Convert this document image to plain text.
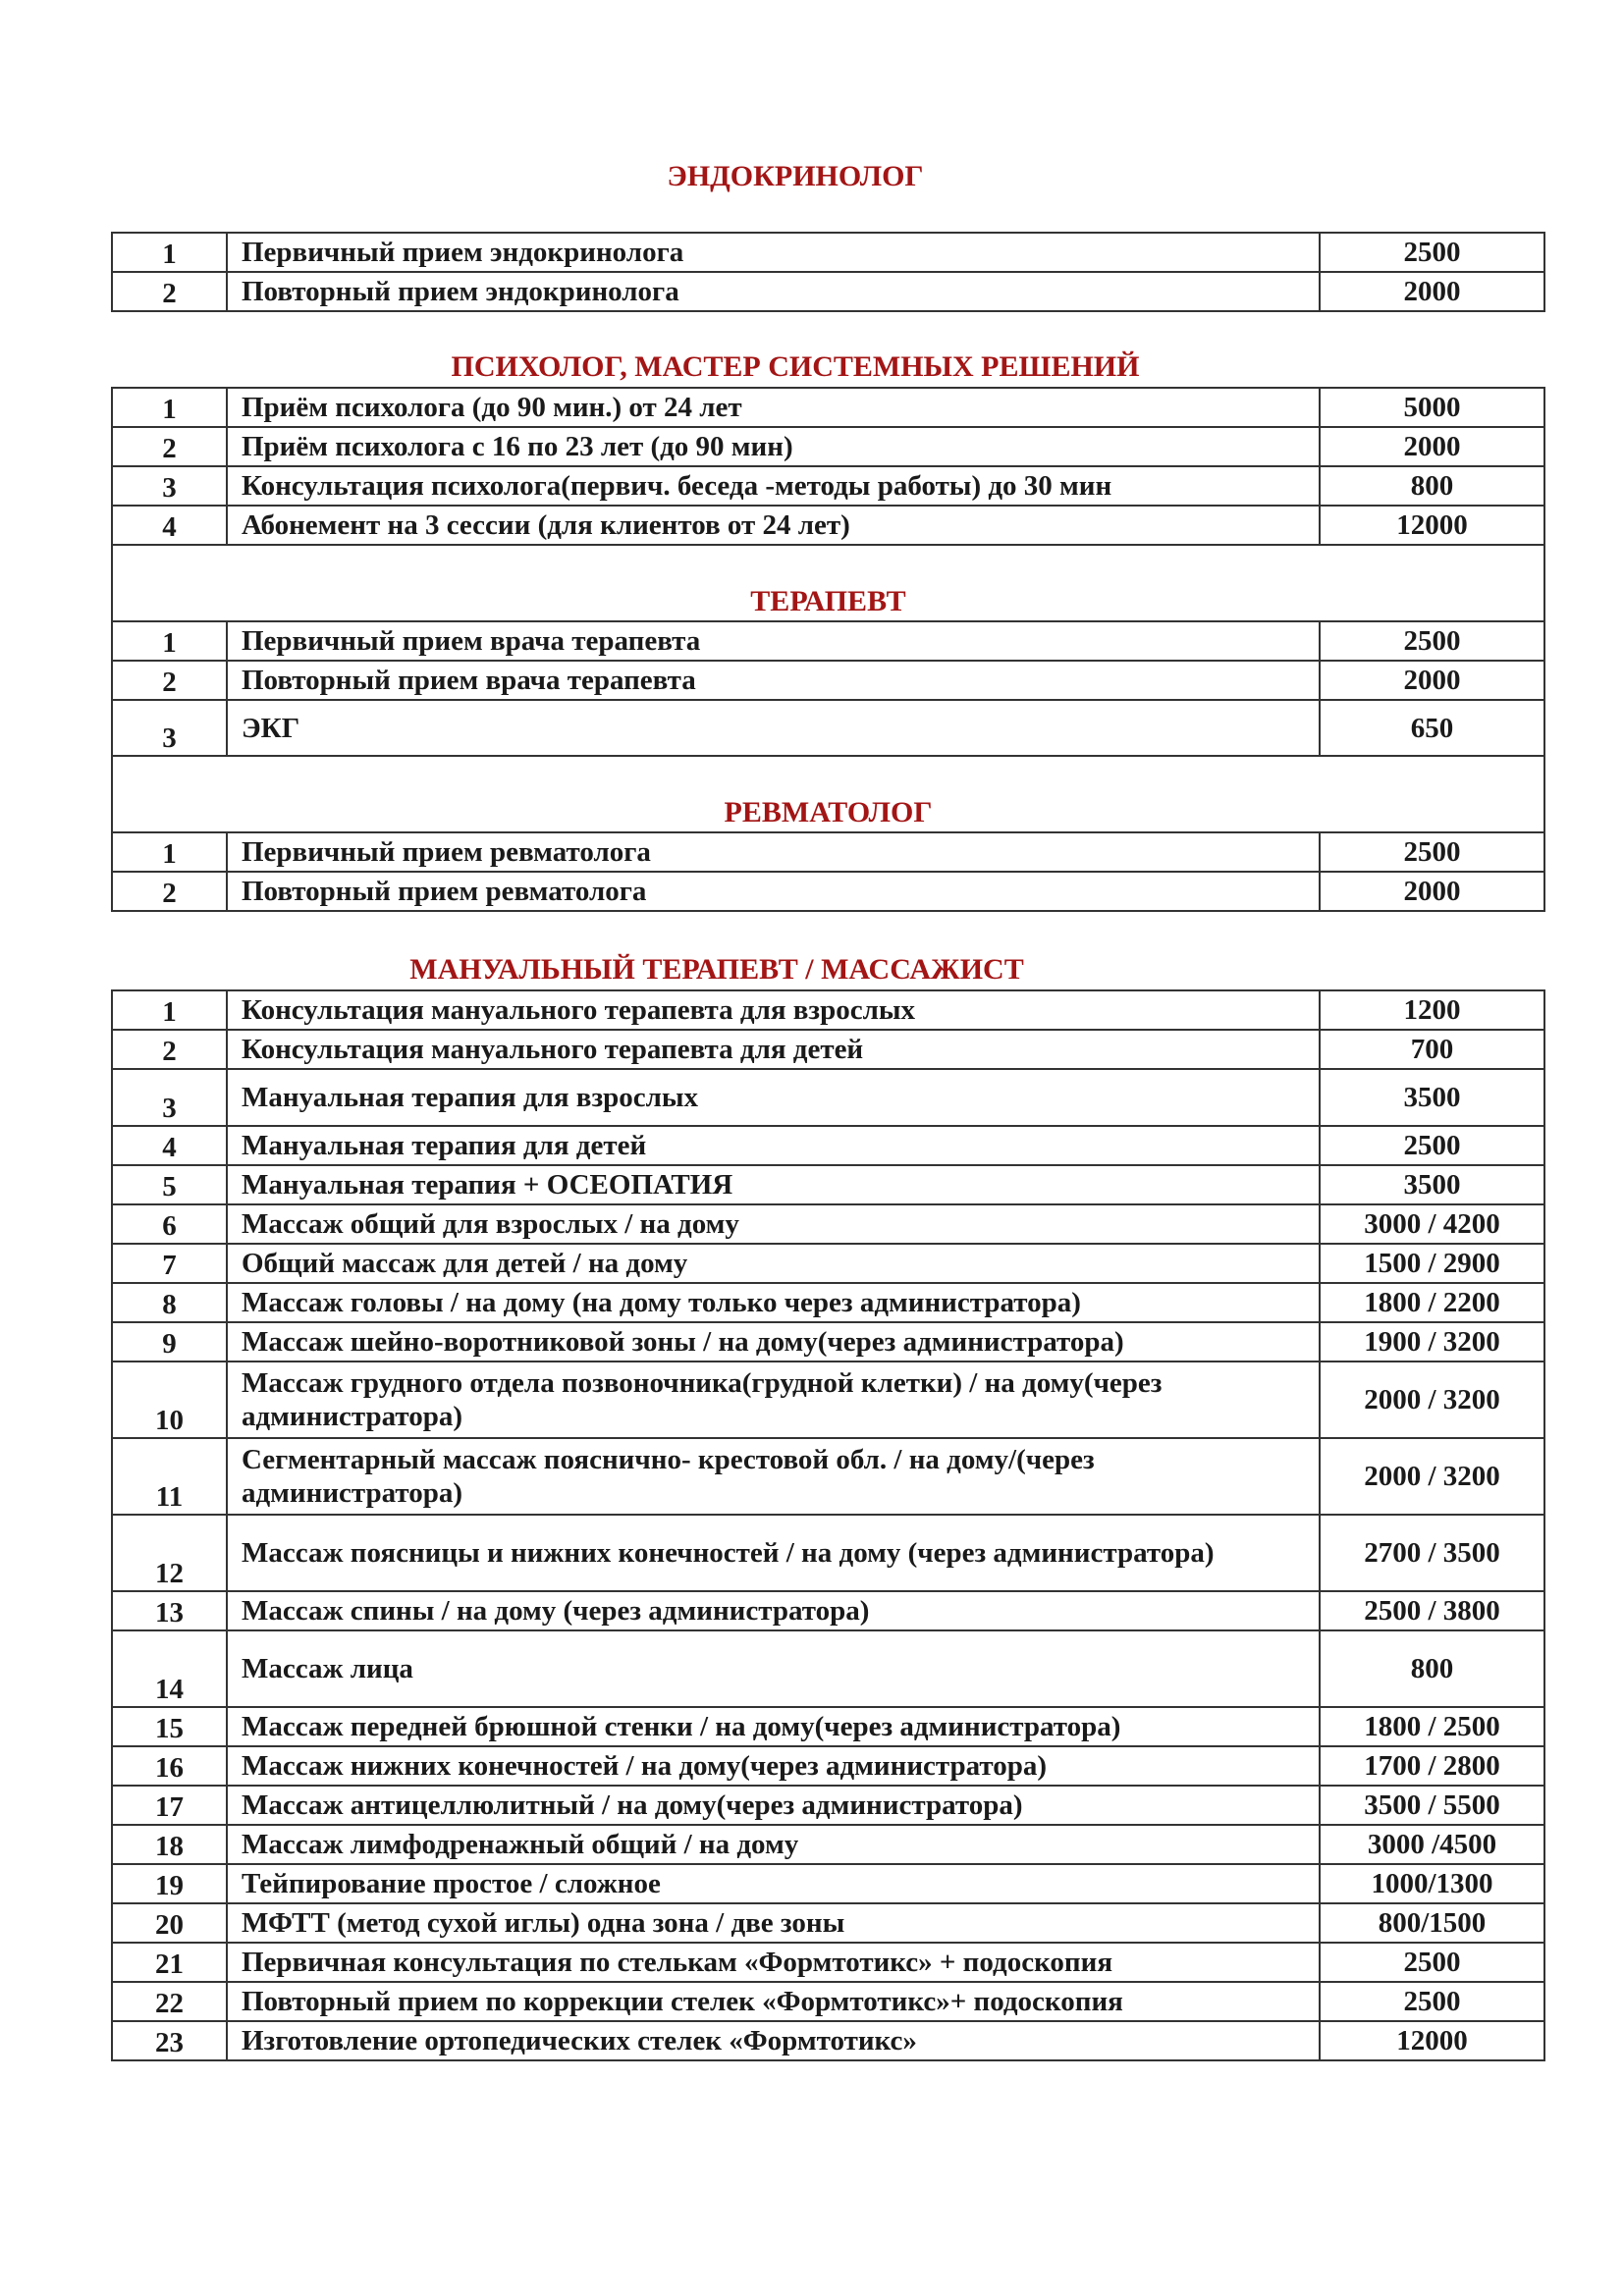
ЭНДОКРИНОЛОГ
1	Первичный прием эндокринолога	2500
2	Повторный прием эндокринолога	2000
ПСИХОЛОГ, МАСТЕР СИСТЕМНЫХ РЕШЕНИЙ
1	Приём психолога (до 90 мин.) от 24 лет	5000
2	Приём психолога с 16 по 23 лет (до 90 мин)	2000
3	Консультация психолога(первич. беседа -методы работы) до 30 мин	800
4	Абонемент на 3 сессии (для клиентов от 24 лет)	12000
ТЕРАПЕВТ		
1	Первичный прием врача терапевта	2500
2	Повторный прием врача терапевта	2000
3	ЭКГ	650
РЕВМАТОЛОГ		
1	Первичный прием ревматолога	2500
2	Повторный прием ревматолога	2000
МАНУАЛЬНЫЙ ТЕРАПЕВТ / МАССАЖИСТ
1	Консультация мануального терапевта для взрослых	1200
2	Консультация мануального терапевта для детей	700
3	Мануальная терапия для взрослых	3500
4	Мануальная терапия для детей	2500
5	Мануальная терапия + ОСЕОПАТИЯ	3500
6	Массаж общий для взрослых / на дому	3000 / 4200
7	Общий массаж для детей / на дому	1500 / 2900
8	Массаж головы / на дому (на дому только через администратора)	1800 / 2200
9	Массаж шейно-воротниковой зоны / на дому(через администратора)	1900 / 3200
10	Массаж грудного отдела позвоночника(грудной клетки) / на дому(через администратора)	2000 / 3200
11	Сегментарный массаж пояснично- крестовой обл. / на дому/(через администратора)	2000 / 3200
12	Массаж поясницы и нижних конечностей / на дому (через администратора)	2700 / 3500
13	Массаж спины / на дому (через администратора)	2500 / 3800
14	Массаж лица	800
15	Массаж передней брюшной стенки / на дому(через администратора)	1800 / 2500
16	Массаж нижних конечностей / на дому(через администратора)	1700 / 2800
17	Массаж антицеллюлитный / на дому(через администратора)	3500 / 5500
18	Массаж лимфодренажный общий / на дому	3000 /4500
19	Тейпирование простое / сложное	1000/1300
20	МФТТ (метод сухой иглы) одна зона / две зоны	800/1500
21	Первичная консультация по стелькам «Формтотикс» + подоскопия	2500
22	Повторный прием по коррекции стелек «Формтотикс»+ подоскопия	2500
23	Изготовление ортопедических стелек «Формтотикс»	12000
